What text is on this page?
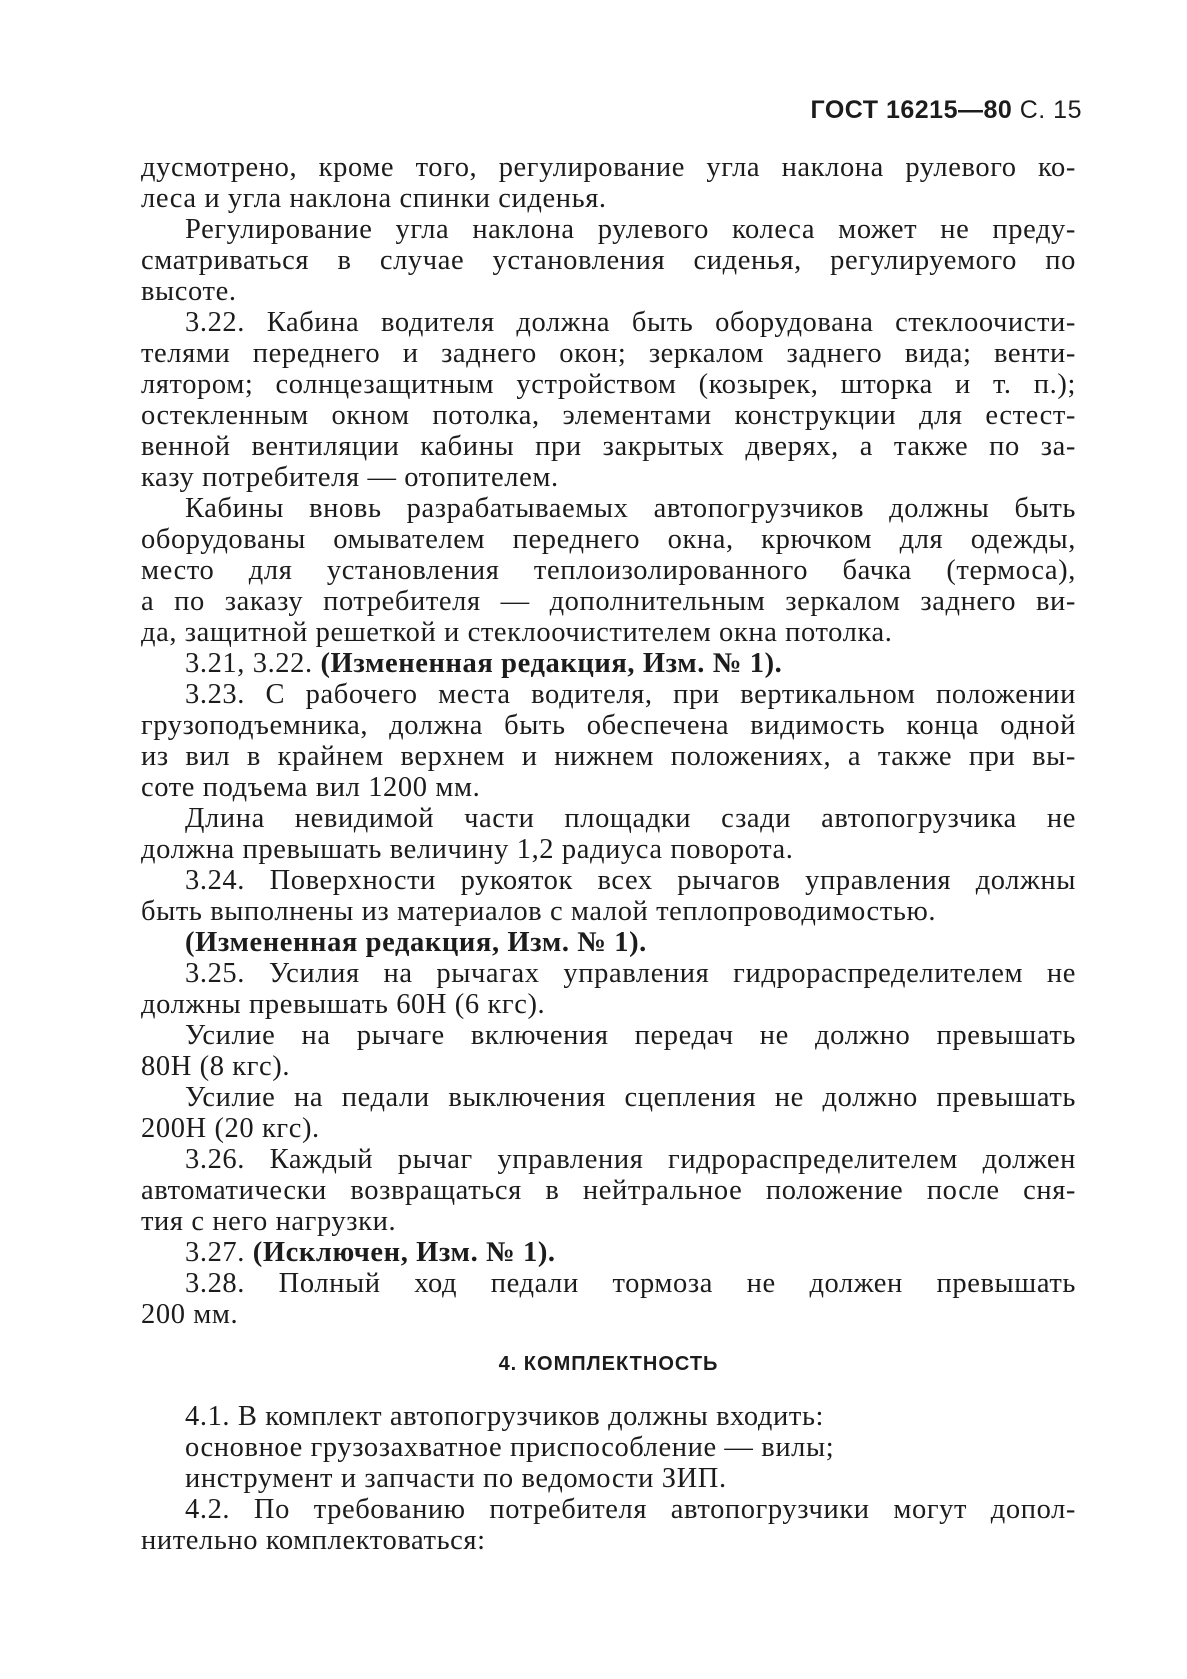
ГОСТ 16215—80 С. 15
дусмотрено, кроме того, регулирование угла наклона рулевого ко-
леса и угла наклона спинки сиденья.
Регулирование угла наклона рулевого колеса может не преду-
сматриваться в случае установления сиденья, регулируемого по
высоте.
3.22. Кабина водителя должна быть оборудована стеклоочисти-
телями переднего и заднего окон; зеркалом заднего вида; венти-
лятором; солнцезащитным устройством (козырек, шторка и т. п.);
остекленным окном потолка, элементами конструкции для естест-
венной вентиляции кабины при закрытых дверях, а также по за-
казу потребителя — отопителем.
Кабины вновь разрабатываемых автопогрузчиков должны быть
оборудованы омывателем переднего окна, крючком для одежды,
место для установления теплоизолированного бачка (термоса),
а по заказу потребителя — дополнительным зеркалом заднего ви-
да, защитной решеткой и стеклоочистителем окна потолка.
3.21, 3.22. (Измененная редакция, Изм. № 1).
3.23. С рабочего места водителя, при вертикальном положении
грузоподъемника, должна быть обеспечена видимость конца одной
из вил в крайнем верхнем и нижнем положениях, а также при вы-
соте подъема вил 1200 мм.
Длина невидимой части площадки сзади автопогрузчика не
должна превышать величину 1,2 радиуса поворота.
3.24. Поверхности рукояток всех рычагов управления должны
быть выполнены из материалов с малой теплопроводимостью.
(Измененная редакция, Изм. № 1).
3.25. Усилия на рычагах управления гидрораспределителем не
должны превышать 60Н (6 кгс).
Усилие на рычаге включения передач не должно превышать
80Н (8 кгс).
Усилие на педали выключения сцепления не должно превышать
200Н (20 кгс).
3.26. Каждый рычаг управления гидрораспределителем должен
автоматически возвращаться в нейтральное положение после сня-
тия с него нагрузки.
3.27. (Исключен, Изм. № 1).
3.28. Полный ход педали тормоза не должен превышать
200 мм.
4. КОМПЛЕКТНОСТЬ
4.1. В комплект автопогрузчиков должны входить:
основное грузозахватное приспособление — вилы;
инструмент и запчасти по ведомости ЗИП.
4.2. По требованию потребителя автопогрузчики могут допол-
нительно комплектоваться:
